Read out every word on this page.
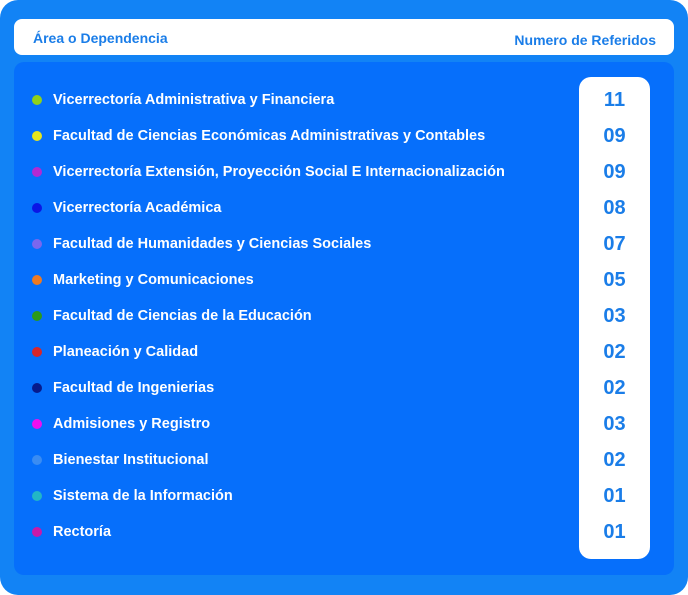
Área o Dependencia	Numero de Referidos
Vicerrectoría Administrativa y Financiera
Facultad de Ciencias Económicas Administrativas y Contables
Vicerrectoría Extensión, Proyección Social E Internacionalización
Vicerrectoría Académica
Facultad de Humanidades y Ciencias Sociales
Marketing y Comunicaciones
Facultad de Ciencias de la Educación
Planeación y Calidad
Facultad de Ingenierias
Admisiones y Registro
Bienestar Institucional
Sistema de la Información
Rectoría
11
09
09
08
07
05
03
02
02
03
02
01
01
